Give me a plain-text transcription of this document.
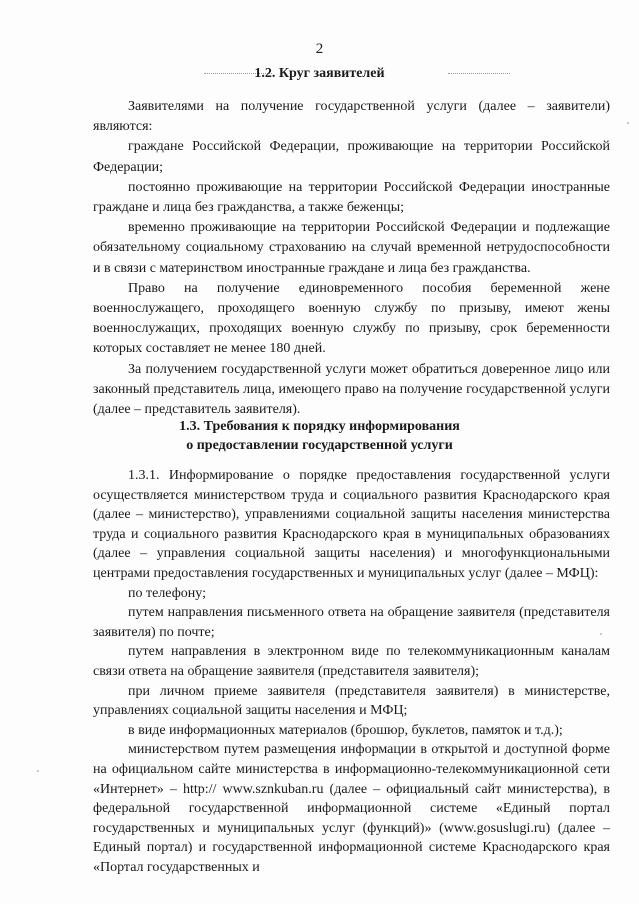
2
1.2. Круг заявителей

Заявителями на получение государственной услуги (далее – заявители) являются:

граждане Российской Федерации, проживающие на территории Российской Федерации;

постоянно проживающие на территории Российской Федерации иностранные граждане и лица без гражданства, а также беженцы;

временно проживающие на территории Российской Федерации и подлежащие обязательному социальному страхованию на случай временной нетрудоспособности и в связи с материнством иностранные граждане и лица без гражданства.

Право на получение единовременного пособия беременной жене военнослужащего, проходящего военную службу по призыву, имеют жены военнослужащих, проходящих военную службу по призыву, срок беременности которых составляет не менее 180 дней.

За получением государственной услуги может обратиться доверенное лицо или законный представитель лица, имеющего право на получение государственной услуги (далее – представитель заявителя).

1.3. Требования к порядку информирования
о предоставлении государственной услуги

1.3.1. Информирование о порядке предоставления государственной услуги осуществляется министерством труда и социального развития Краснодарского края (далее – министерство), управлениями социальной защиты населения министерства труда и социального развития Краснодарского края в муниципальных образованиях (далее – управления социальной защиты населения) и многофункциональными центрами предоставления государственных и муниципальных услуг (далее – МФЦ):

по телефону;

путем направления письменного ответа на обращение заявителя (представителя заявителя) по почте;

путем направления в электронном виде по телекоммуникационным каналам связи ответа на обращение заявителя (представителя заявителя);

при личном приеме заявителя (представителя заявителя) в министерстве, управлениях социальной защиты населения и МФЦ;

в виде информационных материалов (брошюр, буклетов, памяток и т.д.);

министерством путем размещения информации в открытой и доступной форме на официальном сайте министерства в информационно-телекоммуникационной сети «Интернет» – http:// www.sznkuban.ru (далее – официальный сайт министерства), в федеральной государственной информационной системе «Единый портал государственных и муниципальных услуг (функций)» (www.gosuslugi.ru) (далее – Единый портал) и государственной информационной системе Краснодарского края «Портал государственных и
